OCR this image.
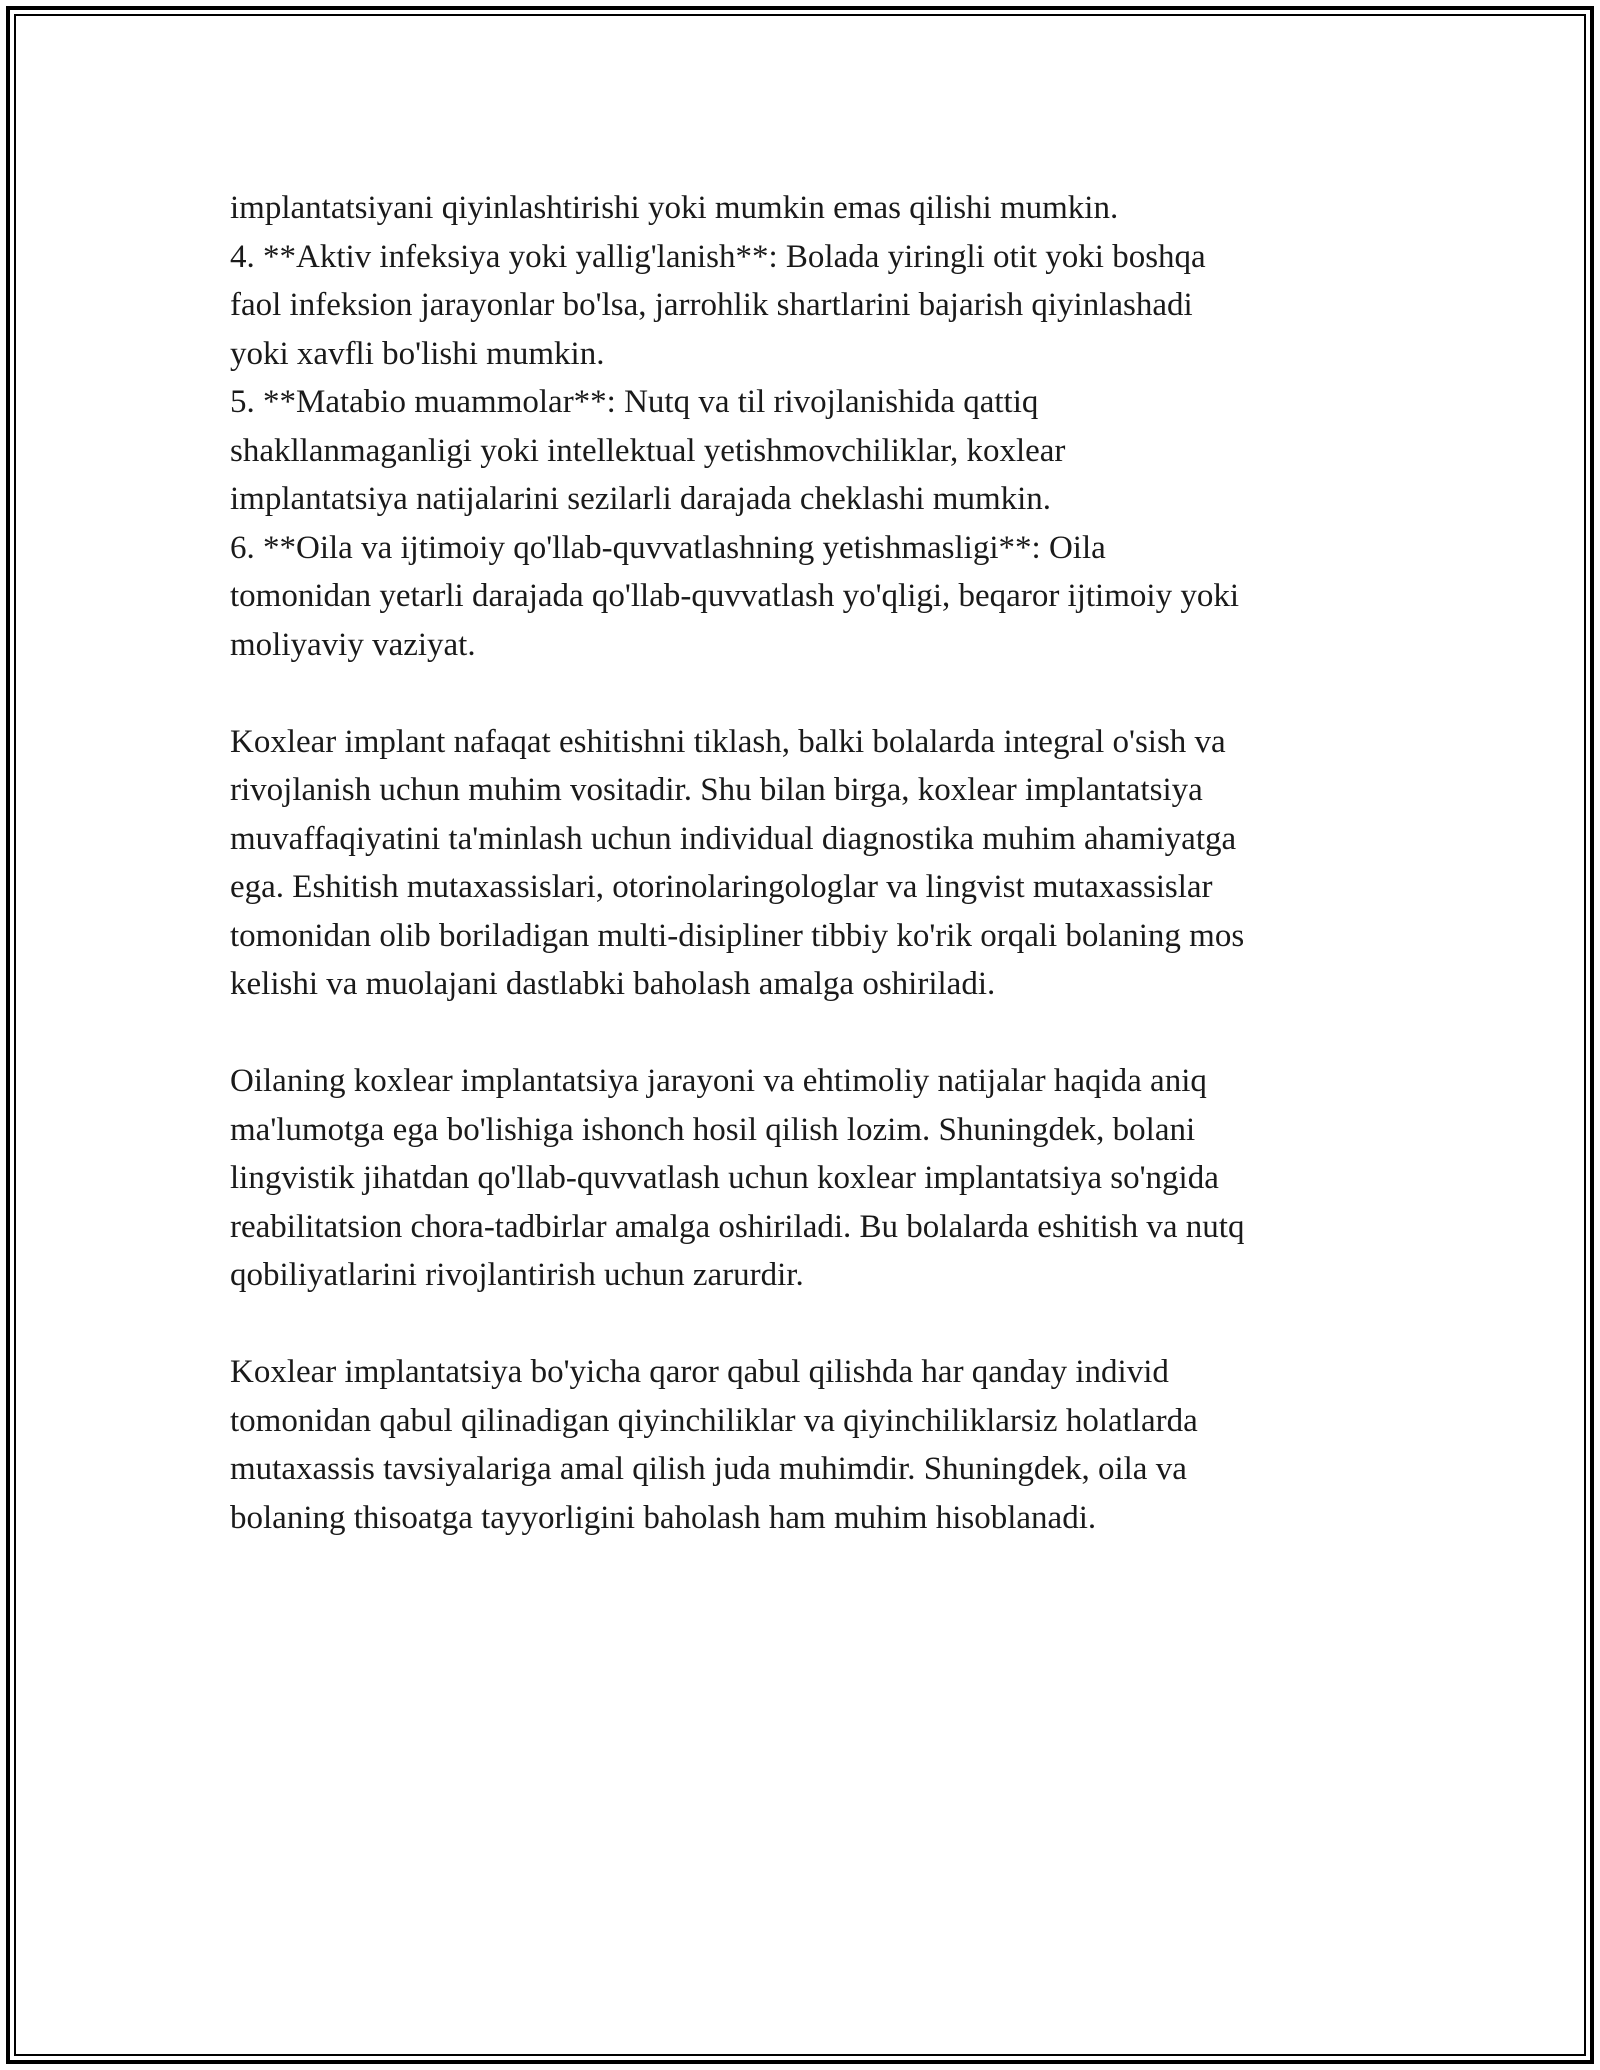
implantatsiyani qiyinlashtirishi yoki mumkin emas qilishi mumkin.
4. **Aktiv infeksiya yoki yallig'lanish**: Bolada yiringli otit yoki boshqa
faol infeksion jarayonlar bo'lsa, jarrohlik shartlarini bajarish qiyinlashadi
yoki xavfli bo'lishi mumkin.
5. **Matabio muammolar**: Nutq va til rivojlanishida qattiq
shakllanmaganligi yoki intellektual yetishmovchiliklar, koxlear
implantatsiya natijalarini sezilarli darajada cheklashi mumkin.
6. **Oila va ijtimoiy qo'llab-quvvatlashning yetishmasligi**: Oila
tomonidan yetarli darajada qo'llab-quvvatlash yo'qligi, beqaror ijtimoiy yoki
moliyaviy vaziyat.
Koxlear implant nafaqat eshitishni tiklash, balki bolalarda integral o'sish va
rivojlanish uchun muhim vositadir. Shu bilan birga, koxlear implantatsiya
muvaffaqiyatini ta'minlash uchun individual diagnostika muhim ahamiyatga
ega. Eshitish mutaxassislari, otorinolaringologlar va lingvist mutaxassislar
tomonidan olib boriladigan multi-disipliner tibbiy ko'rik orqali bolaning mos
kelishi va muolajani dastlabki baholash amalga oshiriladi.
Oilaning koxlear implantatsiya jarayoni va ehtimoliy natijalar haqida aniq
ma'lumotga ega bo'lishiga ishonch hosil qilish lozim. Shuningdek, bolani
lingvistik jihatdan qo'llab-quvvatlash uchun koxlear implantatsiya so'ngida
reabilitatsion chora-tadbirlar amalga oshiriladi. Bu bolalarda eshitish va nutq
qobiliyatlarini rivojlantirish uchun zarurdir.
Koxlear implantatsiya bo'yicha qaror qabul qilishda har qanday individ
tomonidan qabul qilinadigan qiyinchiliklar va qiyinchiliklarsiz holatlarda
mutaxassis tavsiyalariga amal qilish juda muhimdir. Shuningdek, oila va
bolaning thisoatga tayyorligini baholash ham muhim hisoblanadi.
